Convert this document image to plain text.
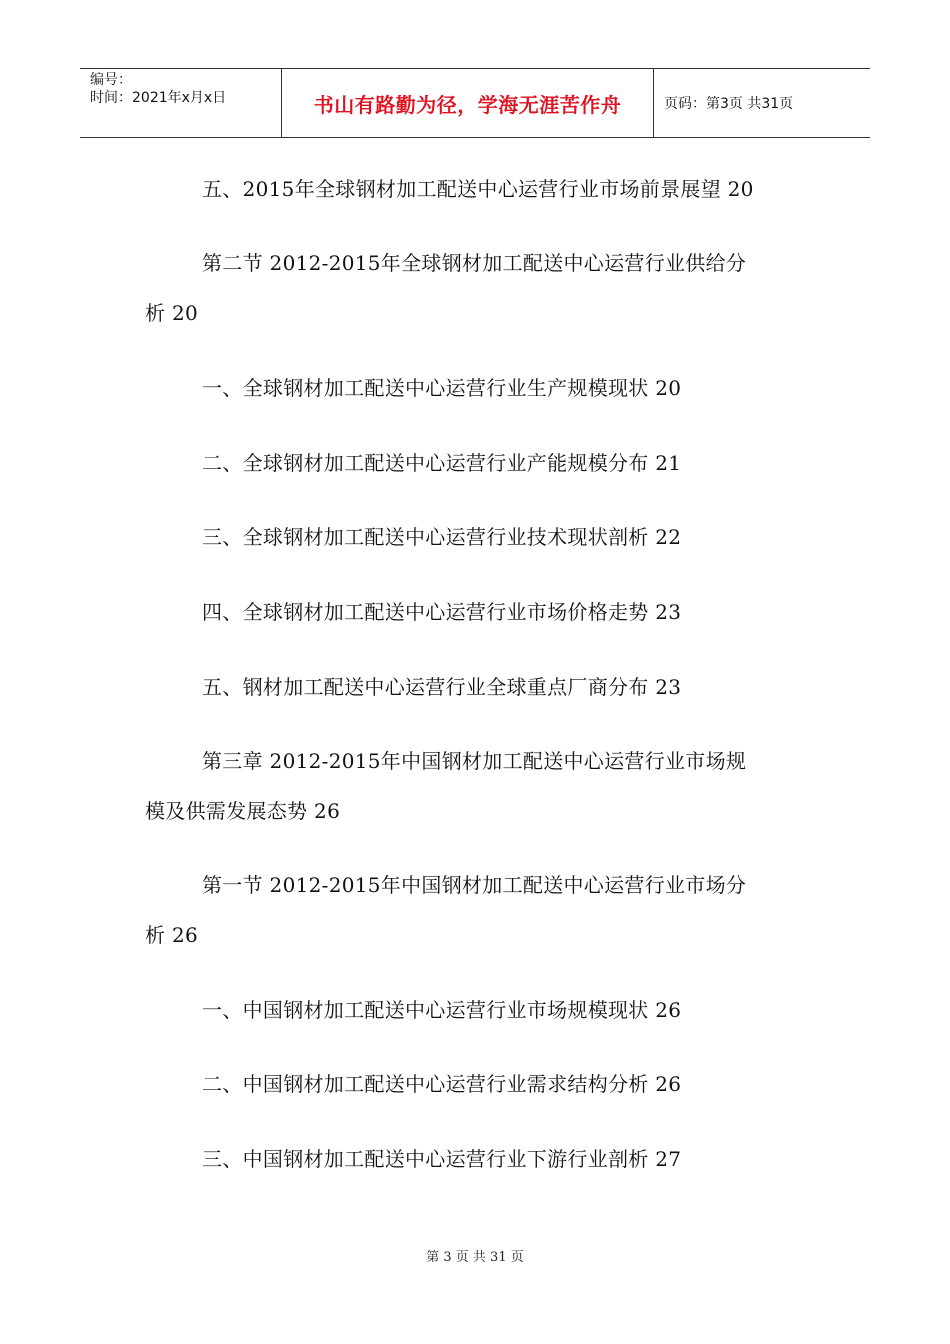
编号：
时间：2021年x月x日	书山有路勤为径，学海无涯苦作舟	页码：第3页 共31页
五、2015年全球钢材加工配送中心运营行业市场前景展望 20
第二节 2012-2015年全球钢材加工配送中心运营行业供给分
析 20
一、全球钢材加工配送中心运营行业生产规模现状 20
二、全球钢材加工配送中心运营行业产能规模分布 21
三、全球钢材加工配送中心运营行业技术现状剖析 22
四、全球钢材加工配送中心运营行业市场价格走势 23
五、钢材加工配送中心运营行业全球重点厂商分布 23
第三章 2012-2015年中国钢材加工配送中心运营行业市场规
模及供需发展态势 26
第一节 2012-2015年中国钢材加工配送中心运营行业市场分
析 26
一、中国钢材加工配送中心运营行业市场规模现状 26
二、中国钢材加工配送中心运营行业需求结构分析 26
三、中国钢材加工配送中心运营行业下游行业剖析 27
第 3 页 共 31 页
